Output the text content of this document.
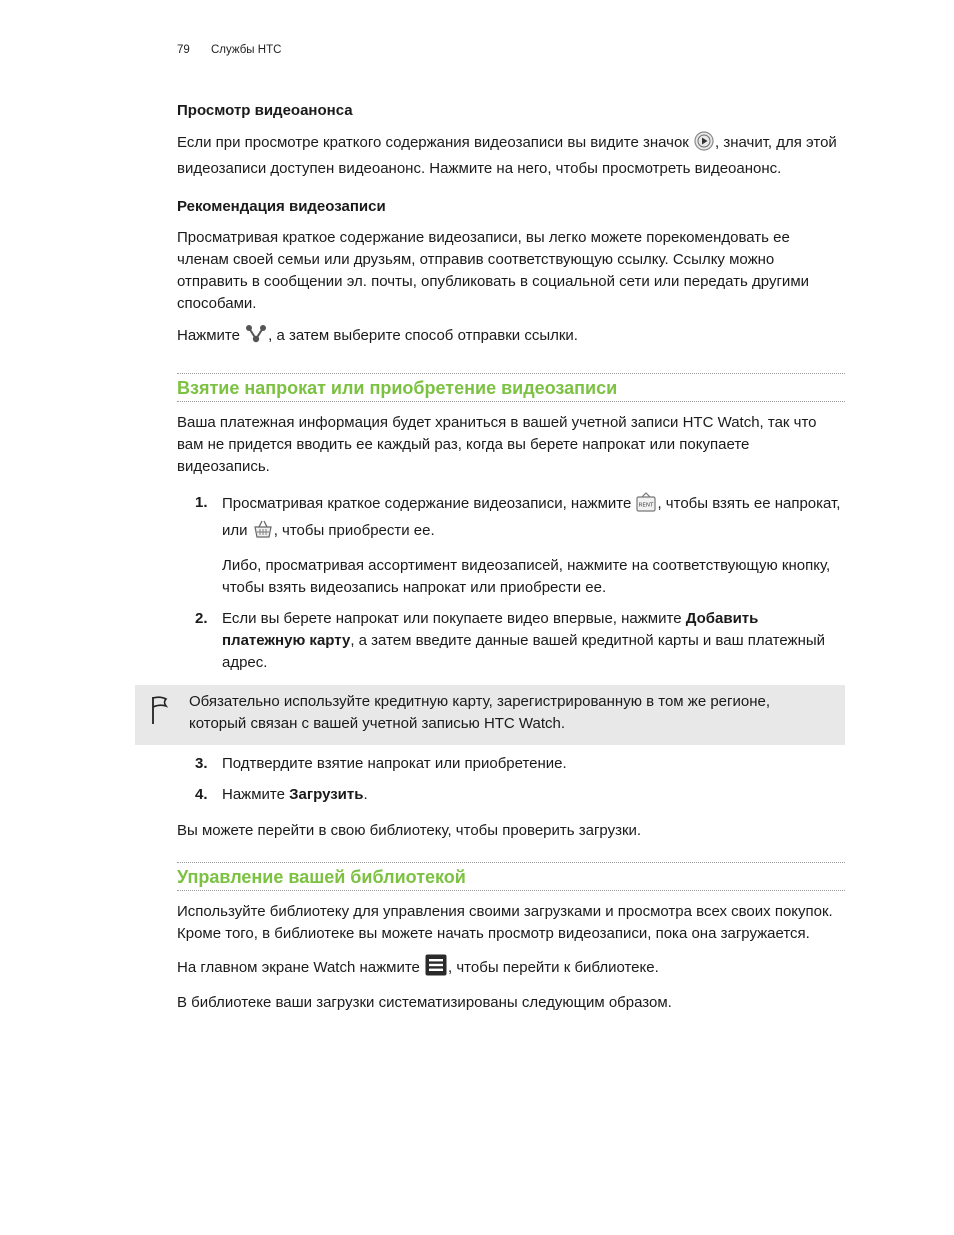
79 Службы HTC
Просмотр видеоанонса

Если при просмотре краткого содержания видеозаписи вы видите значок , значит, для этой видеозаписи доступен видеоанонс. Нажмите на него, чтобы просмотреть видеоанонс.

Рекомендация видеозаписи

Просматривая краткое содержание видеозаписи, вы легко можете порекомендовать ее членам своей семьи или друзьям, отправив соответствующую ссылку. Ссылку можно отправить в сообщении эл. почты, опубликовать в социальной сети или передать другими способами.

Нажмите , а затем выберите способ отправки ссылки.

Взятие напрокат или приобретение видеозаписи

Ваша платежная информация будет храниться в вашей учетной записи HTC Watch, так что вам не придется вводить ее каждый раз, когда вы берете напрокат или покупаете видеозапись.

1. Просматривая краткое содержание видеозаписи, нажмите RENT , чтобы взять ее напрокат, или , чтобы приобрести ее.

Либо, просматривая ассортимент видеозаписей, нажмите на соответствующую кнопку, чтобы взять видеозапись напрокат или приобрести ее.

2. Если вы берете напрокат или покупаете видео впервые, нажмите Добавить платежную карту, а затем введите данные вашей кредитной карты и ваш платежный адрес.

Обязательно используйте кредитную карту, зарегистрированную в том же регионе, который связан с вашей учетной записью HTC Watch.

3. Подтвердите взятие напрокат или приобретение.

4. Нажмите Загрузить.

Вы можете перейти в свою библиотеку, чтобы проверить загрузки.

Управление вашей библиотекой

Используйте библиотеку для управления своими загрузками и просмотра всех своих покупок. Кроме того, в библиотеке вы можете начать просмотр видеозаписи, пока она загружается.

На главном экране Watch нажмите , чтобы перейти к библиотеке.

В библиотеке ваши загрузки систематизированы следующим образом.
